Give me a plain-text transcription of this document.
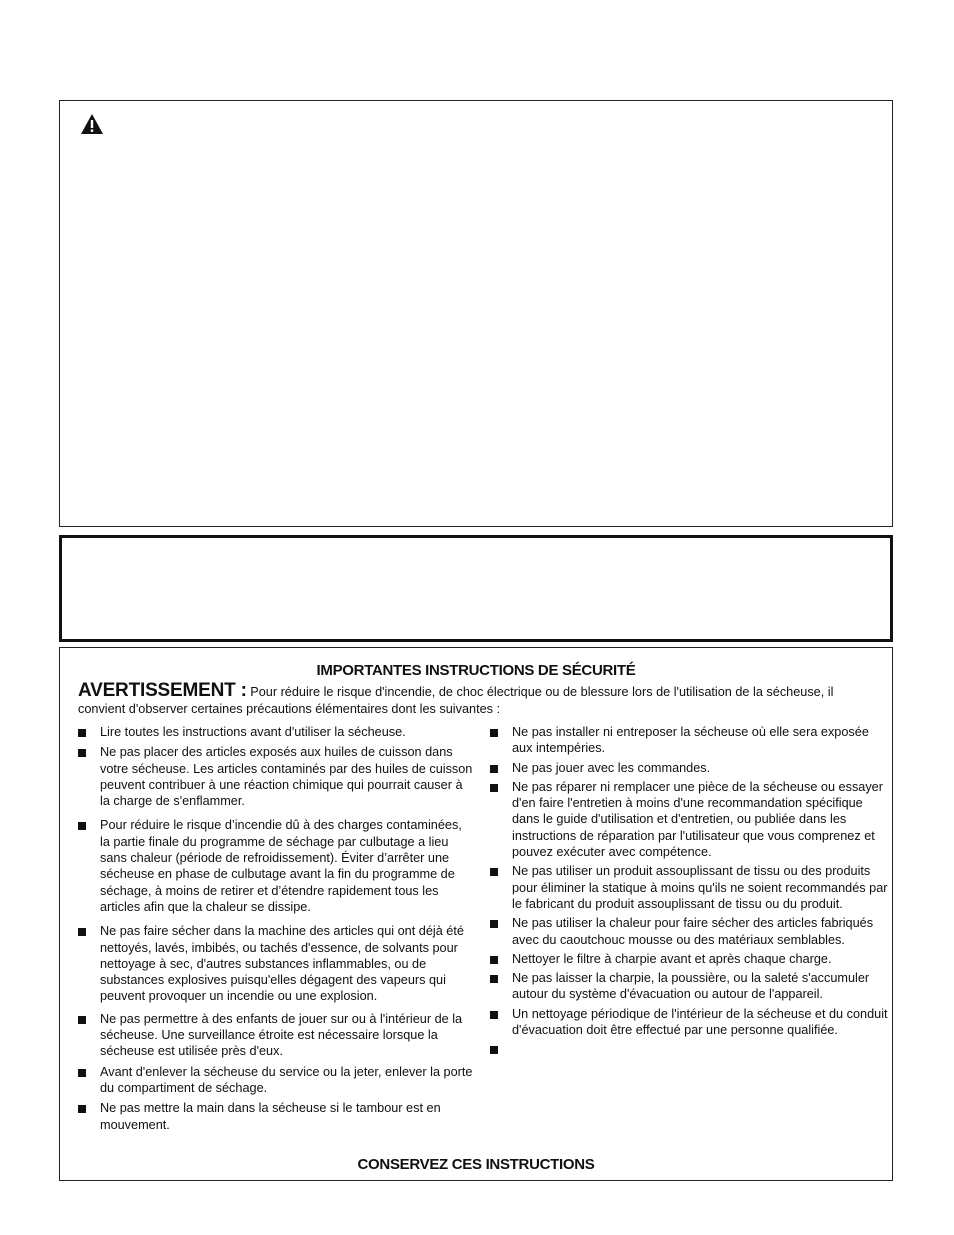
IMPORTANTES INSTRUCTIONS DE SÉCURITÉ
AVERTISSEMENT : Pour réduire le risque d'incendie, de choc électrique ou de blessure lors de l'utilisation de la sécheuse, il convient d'observer certaines précautions élémentaires dont les suivantes :
Lire toutes les instructions avant d'utiliser la sécheuse.
Ne pas placer des articles exposés aux huiles de cuisson dans votre sécheuse. Les articles contaminés par des huiles de cuisson peuvent contribuer à une réaction chimique qui pourrait causer à la charge de s'enflammer.
Pour réduire le risque d’incendie dû à des charges contaminées, la partie finale du programme de séchage par culbutage a lieu sans chaleur (période de refroidissement). Éviter d’arrêter une sécheuse en phase de culbutage avant la fin du programme de séchage, à moins de retirer et d’étendre rapidement tous les articles afin que la chaleur se dissipe.
Ne pas faire sécher dans la machine des articles qui ont déjà été nettoyés, lavés, imbibés, ou tachés d'essence, de solvants pour nettoyage à sec, d'autres substances inflammables, ou de substances explosives puisqu'elles dégagent des vapeurs qui peuvent provoquer un incendie ou une explosion.
Ne pas permettre à des enfants de jouer sur ou à l'intérieur de la sécheuse. Une surveillance étroite est nécessaire lorsque la sécheuse est utilisée près d'eux.
Avant d'enlever la sécheuse du service ou la jeter, enlever la porte du compartiment de séchage.
Ne pas mettre la main dans la sécheuse si le tambour est en mouvement.
Ne pas installer ni entreposer la sécheuse où elle sera exposée aux intempéries.
Ne pas jouer avec les commandes.
Ne pas réparer ni remplacer une pièce de la sécheuse ou essayer d'en faire l'entretien à moins d'une recommandation spécifique dans le guide d'utilisation et d'entretien, ou publiée dans les instructions de réparation par l'utilisateur que vous comprenez et pouvez exécuter avec compétence.
Ne pas utiliser un produit assouplissant de tissu ou des produits pour éliminer la statique à moins qu'ils ne soient recommandés par le fabricant du produit assouplissant de tissu ou du produit.
Ne pas utiliser la chaleur pour faire sécher des articles fabriqués avec du caoutchouc mousse ou des matériaux semblables.
Nettoyer le filtre à charpie avant et après chaque charge.
Ne pas laisser la charpie, la poussière, ou la saleté s'accumuler autour du système d'évacuation ou autour de l'appareil.
Un nettoyage périodique de l'intérieur de la sécheuse et du conduit d'évacuation doit être effectué par une personne qualifiée.
CONSERVEZ CES INSTRUCTIONS
